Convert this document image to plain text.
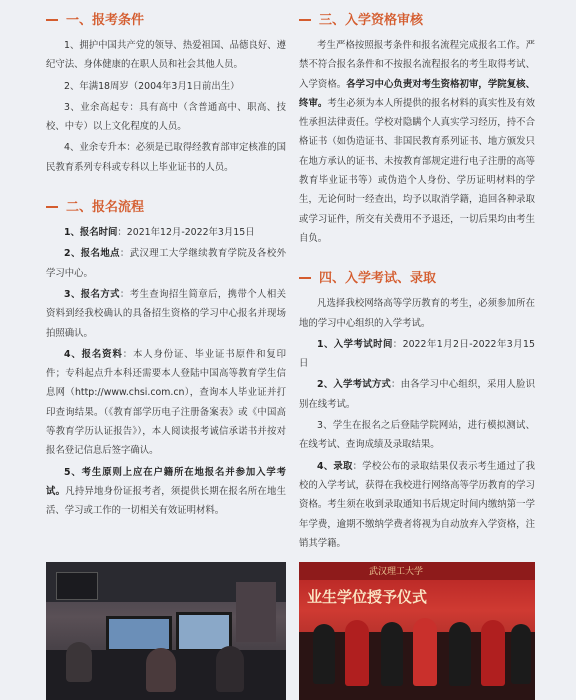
一、报考条件

1、拥护中国共产党的领导、热爱祖国、品德良好、遵纪守法、身体健康的在职人员和社会其他人员。

2、年满18周岁（2004年3月1日前出生）

3、业余高起专：具有高中（含普通高中、职高、技校、中专）以上文化程度的人员。

4、业余专升本：必须是已取得经教育部审定核准的国民教育系列专科或专科以上毕业证书的人员。

二、报名流程

1、报名时间：2021年12月-2022年3月15日

2、报名地点：武汉理工大学继续教育学院及各校外学习中心。

3、报名方式：考生查询招生简章后，携带个人相关资料到经我校确认的具备招生资格的学习中心报名并现场拍照确认。

4、报名资料：本人身份证、毕业证书原件和复印件；专科起点升本科还需要本人登陆中国高等教育学生信息网（http://www.chsi.com.cn），查询本人毕业证并打印查询结果。（《教育部学历电子注册备案表》或《中国高等教育学历认证报告》），本人阅读报考诚信承诺书并按对报名登记信息后签字确认。

5、考生原则上应在户籍所在地报名并参加入学考试。凡持异地身份证报考者，须提供长期在报名所在地生活、学习或工作的一切相关有效证明材料。

三、入学资格审核

考生严格按照报考条件和报名流程完成报名工作。严禁不符合报名条件和不按报名流程报名的考生取得考试、入学资格。各学习中心负责对考生资格初审，学院复核、终审。考生必须为本人所提供的报名材料的真实性及有效性承担法律责任。学校对隐瞒个人真实学习经历，持不合格证书（如伪造证书、非国民教育系列证书、地方颁发只在地方承认的证书、未按教育部规定进行电子注册的高等教育毕业证书等）或伪造个人身份、学历证明材料的学生，无论何时一经查出，均予以取消学籍，追回各种录取或学习证件，所交有关费用不予退还，一切后果均由考生自负。

四、入学考试、录取

凡选择我校网络高等学历教育的考生，必须参加所在地的学习中心组织的入学考试。

1、入学考试时间：2022年1月2日-2022年3月15日

2、入学考试方式：由各学习中心组织，采用人脸识别在线考试。

3、学生在报名之后登陆学院网站，进行模拟测试、在线考试、查询成绩及录取结果。

4、录取：学校公布的录取结果仅表示考生通过了我校的入学考试，获得在我校进行网络高等学历教育的学习资格。考生须在收到录取通知书后规定时间内缴纳第一学年学费，逾期不缴纳学费者将视为自动放弃入学资格，注销其学籍。

武汉理工大学
业生学位授予仪式
